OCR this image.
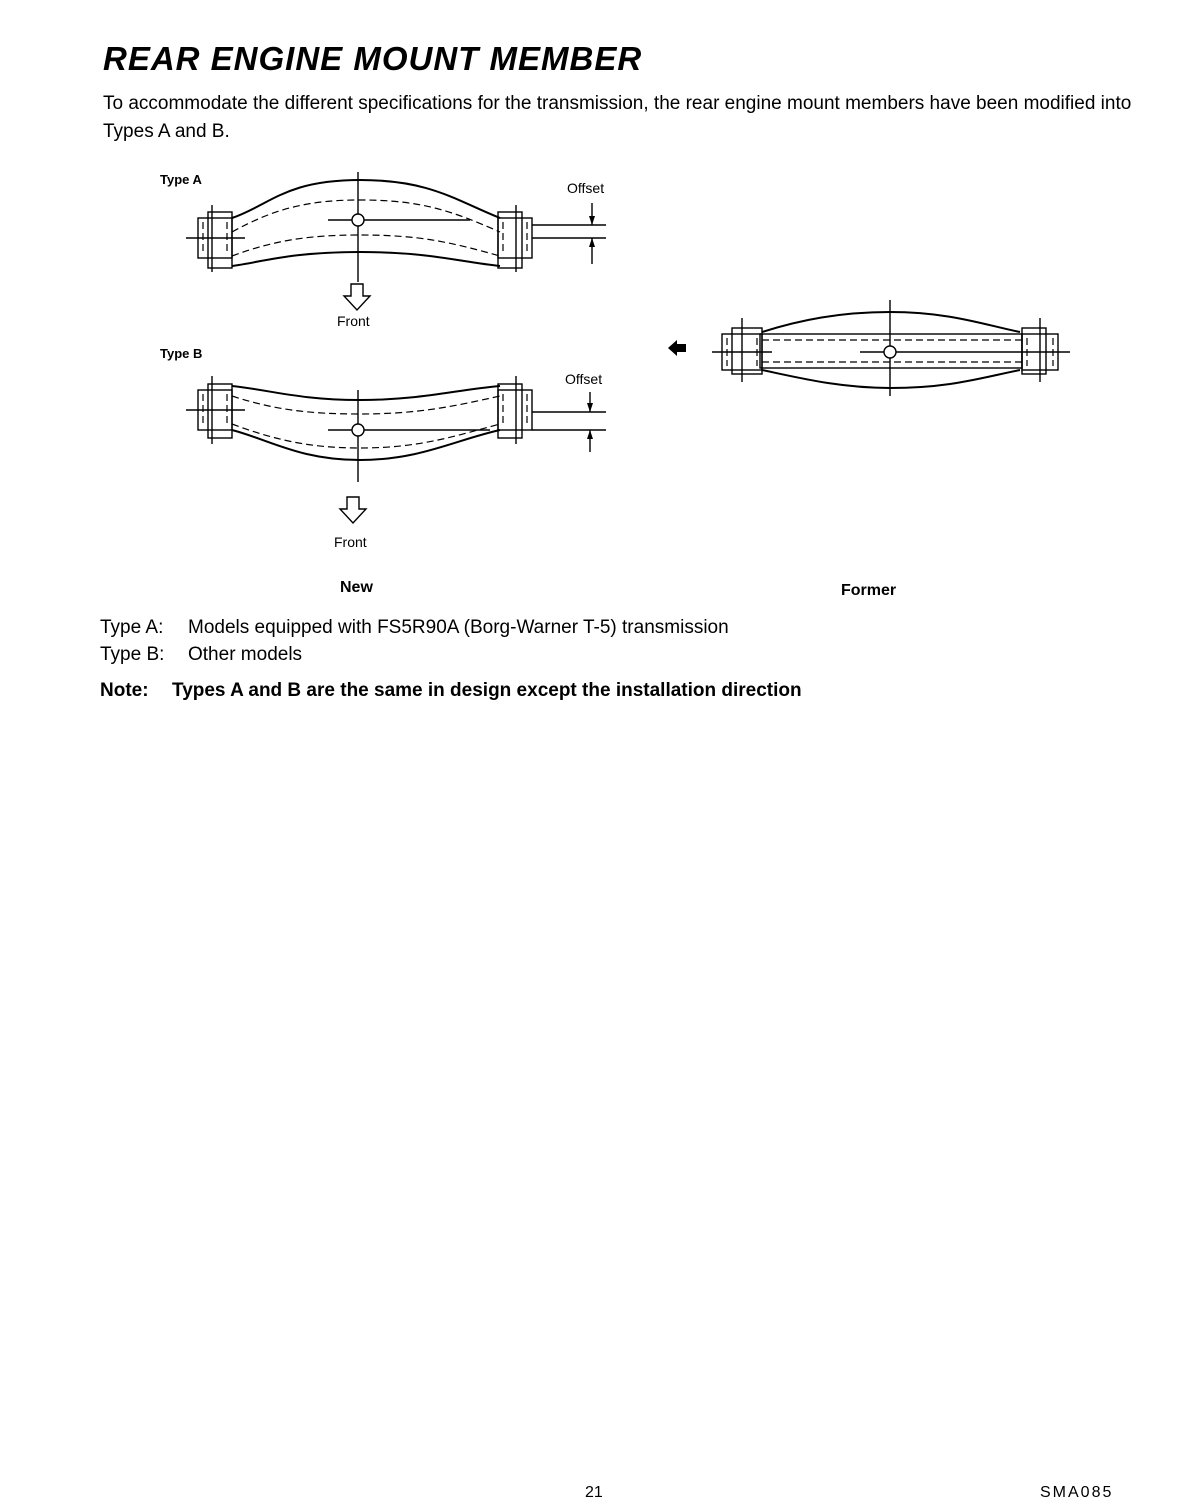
REAR ENGINE MOUNT MEMBER

To accommodate the different specifications for the transmission, the rear engine mount members have been modified into Types A and B.

Type A
Type B
Offset
Offset
Front
Front
New	Former
Type A: Models equipped with FS5R90A (Borg-Warner T-5) transmission
Type B: Other models
Note: Types A and B are the same in design except the installation direction
21	SMA085
